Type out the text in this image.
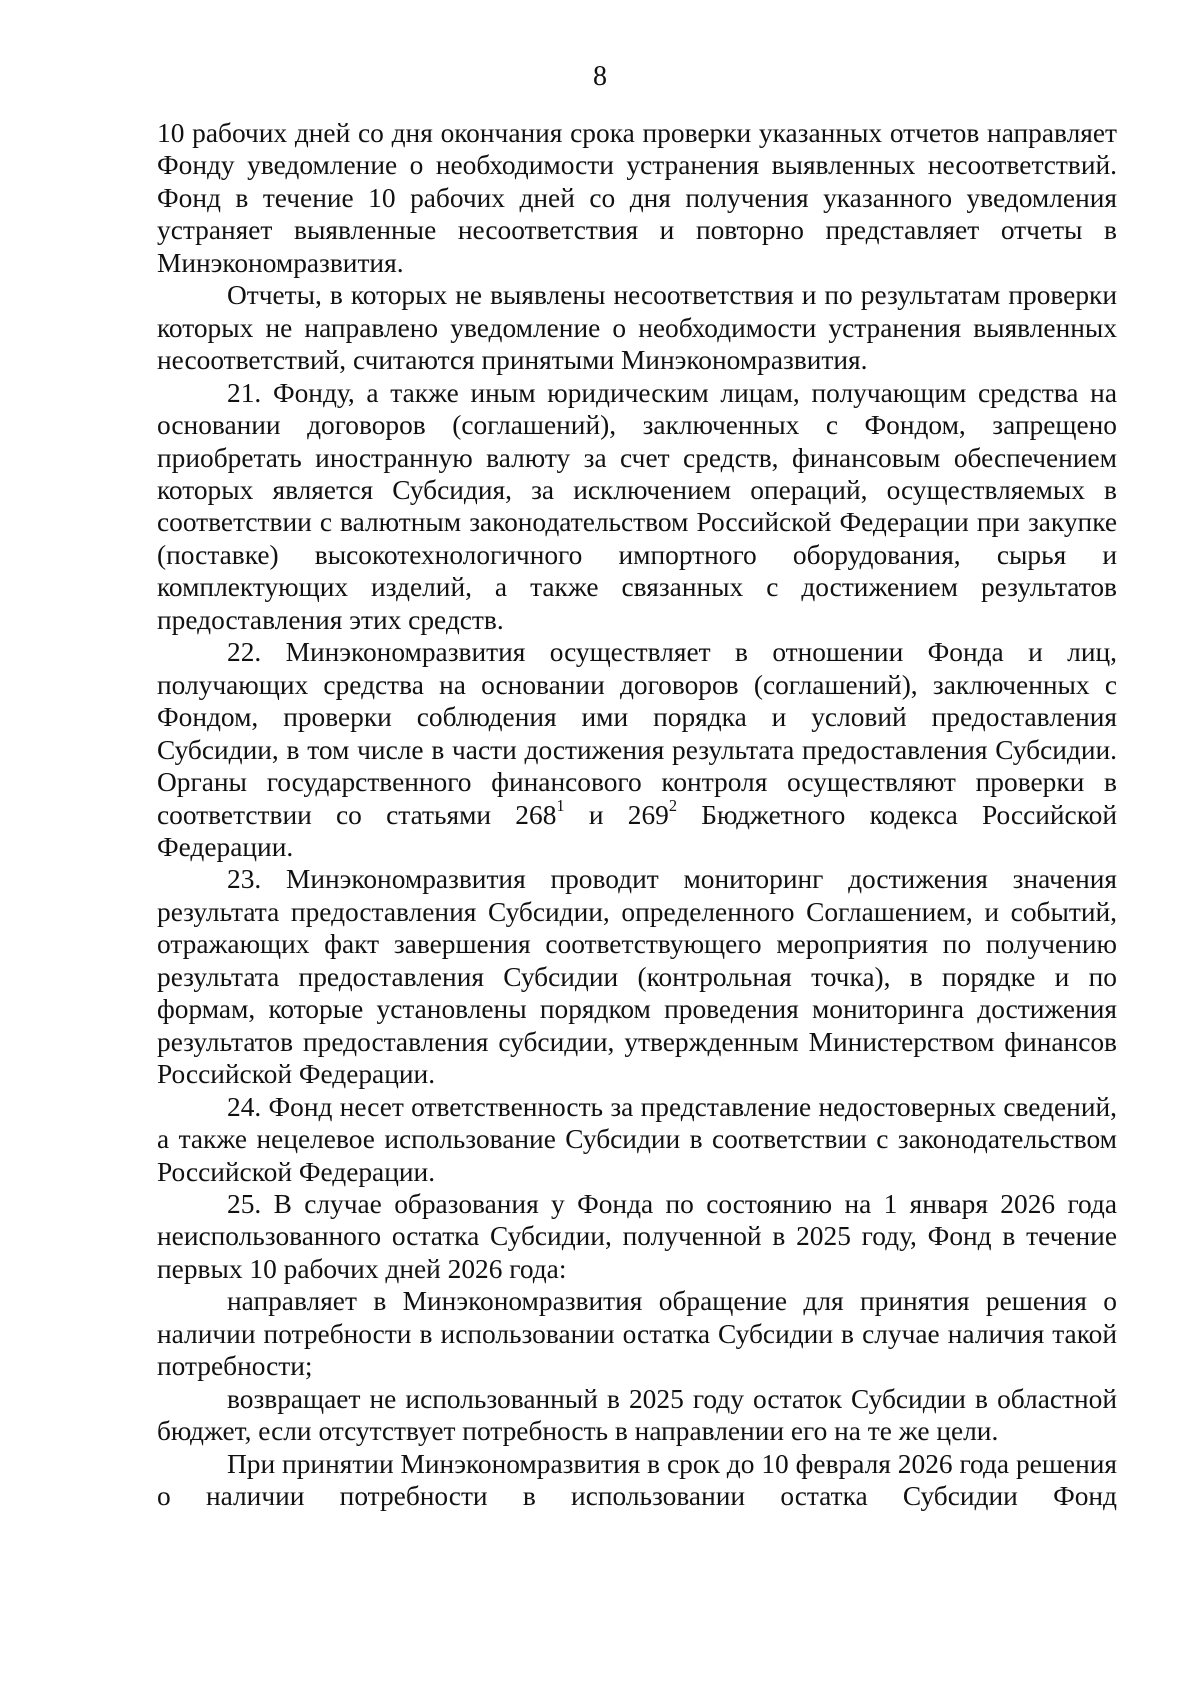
8

10 рабочих дней со дня окончания срока проверки указанных отчетов направляет Фонду уведомление о необходимости устранения выявленных несоответствий. Фонд в течение 10 рабочих дней со дня получения указанного уведомления устраняет выявленные несоответствия и повторно представляет отчеты в Минэкономразвития.

Отчеты, в которых не выявлены несоответствия и по результатам проверки которых не направлено уведомление о необходимости устранения выявленных несоответствий, считаются принятыми Минэкономразвития.

21. Фонду, а также иным юридическим лицам, получающим средства на основании договоров (соглашений), заключенных с Фондом, запрещено приобретать иностранную валюту за счет средств, финансовым обеспечением которых является Субсидия, за исключением операций, осуществляемых в соответствии с валютным законодательством Российской Федерации при закупке (поставке) высокотехнологичного импортного оборудования, сырья и комплектующих изделий, а также связанных с достижением результатов предоставления этих средств.

22. Минэкономразвития осуществляет в отношении Фонда и лиц, получающих средства на основании договоров (соглашений), заключенных с Фондом, проверки соблюдения ими порядка и условий предоставления Субсидии, в том числе в части достижения результата предоставления Субсидии. Органы государственного финансового контроля осуществляют проверки в соответствии со статьями $268^1$ и $269^2$ Бюджетного кодекса Российской Федерации.

23. Минэкономразвития проводит мониторинг достижения значения результата предоставления Субсидии, определенного Соглашением, и событий, отражающих факт завершения соответствующего мероприятия по получению результата предоставления Субсидии (контрольная точка), в порядке и по формам, которые установлены порядком проведения мониторинга достижения результатов предоставления субсидии, утвержденным Министерством финансов Российской Федерации.

24. Фонд несет ответственность за представление недостоверных сведений, а также нецелевое использование Субсидии в соответствии с законодательством Российской Федерации.

25. В случае образования у Фонда по состоянию на 1 января 2026 года неиспользованного остатка Субсидии, полученной в 2025 году, Фонд в течение первых 10 рабочих дней 2026 года:

направляет в Минэкономразвития обращение для принятия решения о наличии потребности в использовании остатка Субсидии в случае наличия такой потребности;

возвращает не использованный в 2025 году остаток Субсидии в областной бюджет, если отсутствует потребность в направлении его на те же цели.

При принятии Минэкономразвития в срок до 10 февраля 2026 года решения о наличии потребности в использовании остатка Субсидии Фонд
